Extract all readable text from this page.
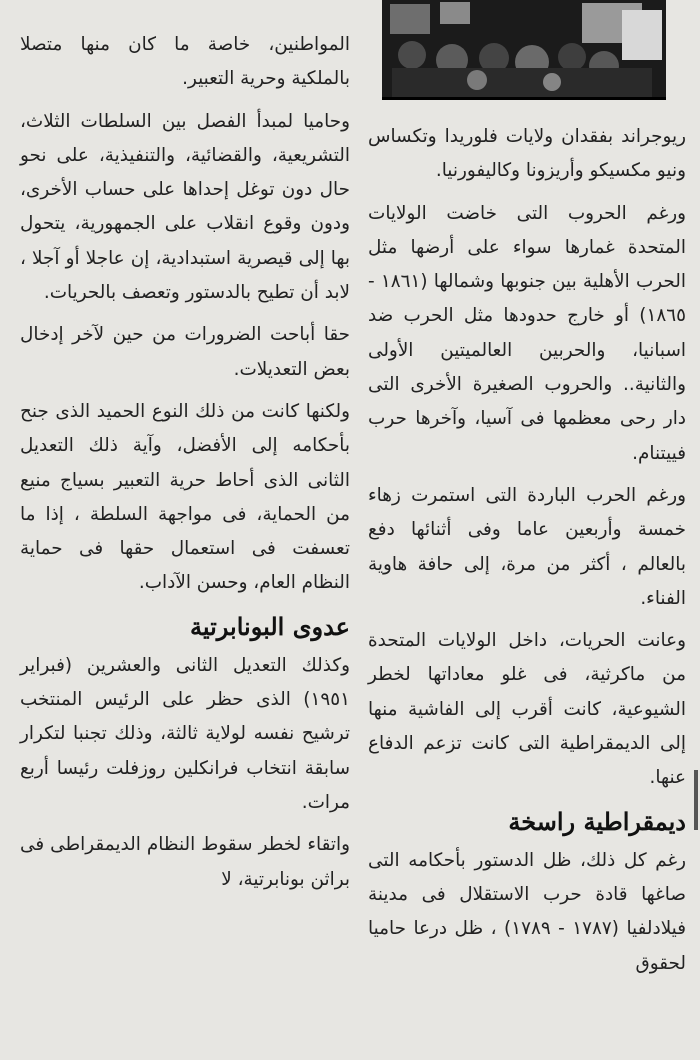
ريوجراند بفقدان ولايات فلوريدا وتكساس ونيو مكسيكو وأريزونا وكاليفورنيا.

ورغم الحروب التى خاضت الولايات المتحدة غمارها سواء على أرضها مثل الحرب الأهلية بين جنوبها وشمالها (١٨٦١ - ١٨٦٥) أو خارج حدودها مثل الحرب ضد اسبانيا، والحربين العالميتين الأولى والثانية.. والحروب الصغيرة الأخرى التى دار رحى معظمها فى آسيا، وآخرها حرب فييتنام.

ورغم الحرب الباردة التى استمرت زهاء خمسة وأربعين عاما وفى أثنائها دفع بالعالم ، أكثر من مرة، إلى حافة هاوية الفناء.

وعانت الحريات، داخل الولايات المتحدة من ماكرثية، فى غلو معاداتها لخطر الشيوعية، كانت أقرب إلى الفاشية منها إلى الديمقراطية التى كانت تزعم الدفاع عنها.

ديمقراطية راسخة

رغم كل ذلك، ظل الدستور بأحكامه التى صاغها قادة حرب الاستقلال فى مدينة فيلادلفيا (١٧٨٧ - ١٧٨٩) ، ظل درعا حاميا لحقوق

المواطنين، خاصة ما كان منها متصلا بالملكية وحرية التعبير.

وحاميا لمبدأ الفصل بين السلطات الثلاث، التشريعية، والقضائية، والتنفيذية، على نحو حال دون توغل إحداها على حساب الأخرى، ودون وقوع انقلاب على الجمهورية، يتحول بها إلى قيصرية استبدادية، إن عاجلا أو آجلا ، لابد أن تطيح بالدستور وتعصف بالحريات.

حقا أباحت الضرورات من حين لآخر إدخال بعض التعديلات.

ولكنها كانت من ذلك النوع الحميد الذى جنح بأحكامه إلى الأفضل، وآية ذلك التعديل الثانى الذى أحاط حرية التعبير بسياج منيع من الحماية، فى مواجهة السلطة ، إذا ما تعسفت فى استعمال حقها فى حماية النظام العام، وحسن الآداب.

عدوى البونابرتية

وكذلك التعديل الثانى والعشرين (فبراير ١٩٥١) الذى حظر على الرئيس المنتخب ترشيح نفسه لولاية ثالثة، وذلك تجنبا لتكرار سابقة انتخاب فرانكلين روزفلت رئيسا أربع مرات.

واتقاء لخطر سقوط النظام الديمقراطى فى براثن بونابرتية، لا
